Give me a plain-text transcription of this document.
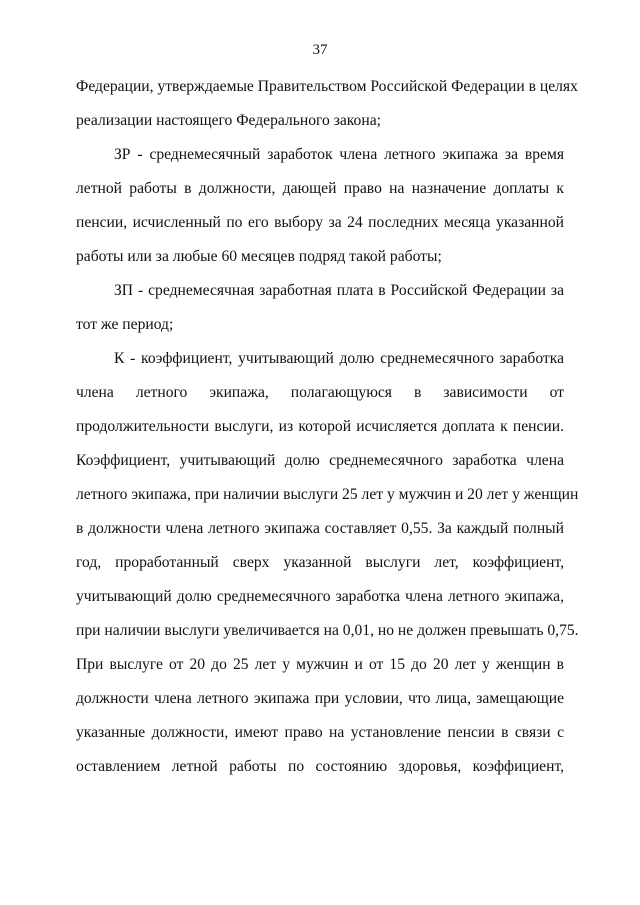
37
Федерации, утверждаемые Правительством Российской Федерации в целях
реализации настоящего Федерального закона;
ЗР - среднемесячный заработок члена летного экипажа за время
летной работы в должности, дающей право на назначение доплаты к
пенсии, исчисленный по его выбору за 24 последних месяца указанной
работы или за любые 60 месяцев подряд такой работы;
ЗП - среднемесячная заработная плата в Российской Федерации за
тот же период;
К - коэффициент, учитывающий долю среднемесячного заработка
члена летного экипажа, полагающуюся в зависимости от
продолжительности выслуги, из которой исчисляется доплата к пенсии.
Коэффициент, учитывающий долю среднемесячного заработка члена
летного экипажа, при наличии выслуги 25 лет у мужчин и 20 лет у женщин
в должности члена летного экипажа составляет 0,55. За каждый полный
год, проработанный сверх указанной выслуги лет, коэффициент,
учитывающий долю среднемесячного заработка члена летного экипажа,
при наличии выслуги увеличивается на 0,01, но не должен превышать 0,75.
При выслуге от 20 до 25 лет у мужчин и от 15 до 20 лет у женщин в
должности члена летного экипажа при условии, что лица, замещающие
указанные должности, имеют право на установление пенсии в связи с
оставлением летной работы по состоянию здоровья, коэффициент,
